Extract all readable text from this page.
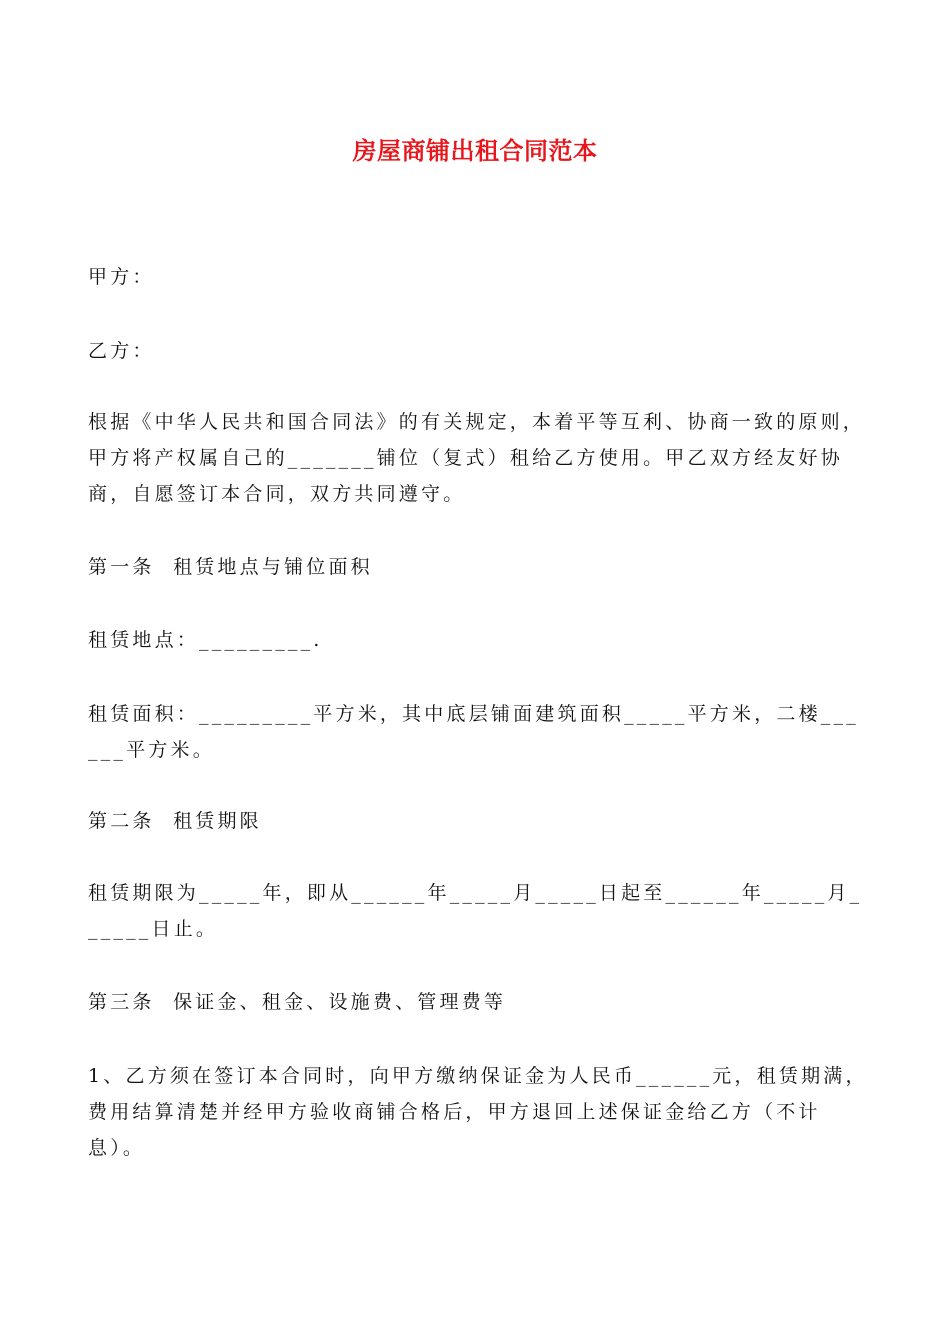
房屋商铺出租合同范本

甲方：

乙方：

根据《中华人民共和国合同法》的有关规定，本着平等互利、协商一致的原则，甲方将产权属自己的_______铺位（复式）租给乙方使用。甲乙双方经友好协商，自愿签订本合同，双方共同遵守。

第一条  租赁地点与铺位面积

租赁地点：_________.

租赁面积：_________平方米，其中底层铺面建筑面积_____平方米，二楼______平方米。

第二条  租赁期限

租赁期限为_____年，即从______年_____月_____日起至______年_____月______日止。

第三条  保证金、租金、设施费、管理费等

1、乙方须在签订本合同时，向甲方缴纳保证金为人民币______元，租赁期满，费用结算清楚并经甲方验收商铺合格后，甲方退回上述保证金给乙方（不计息）。
